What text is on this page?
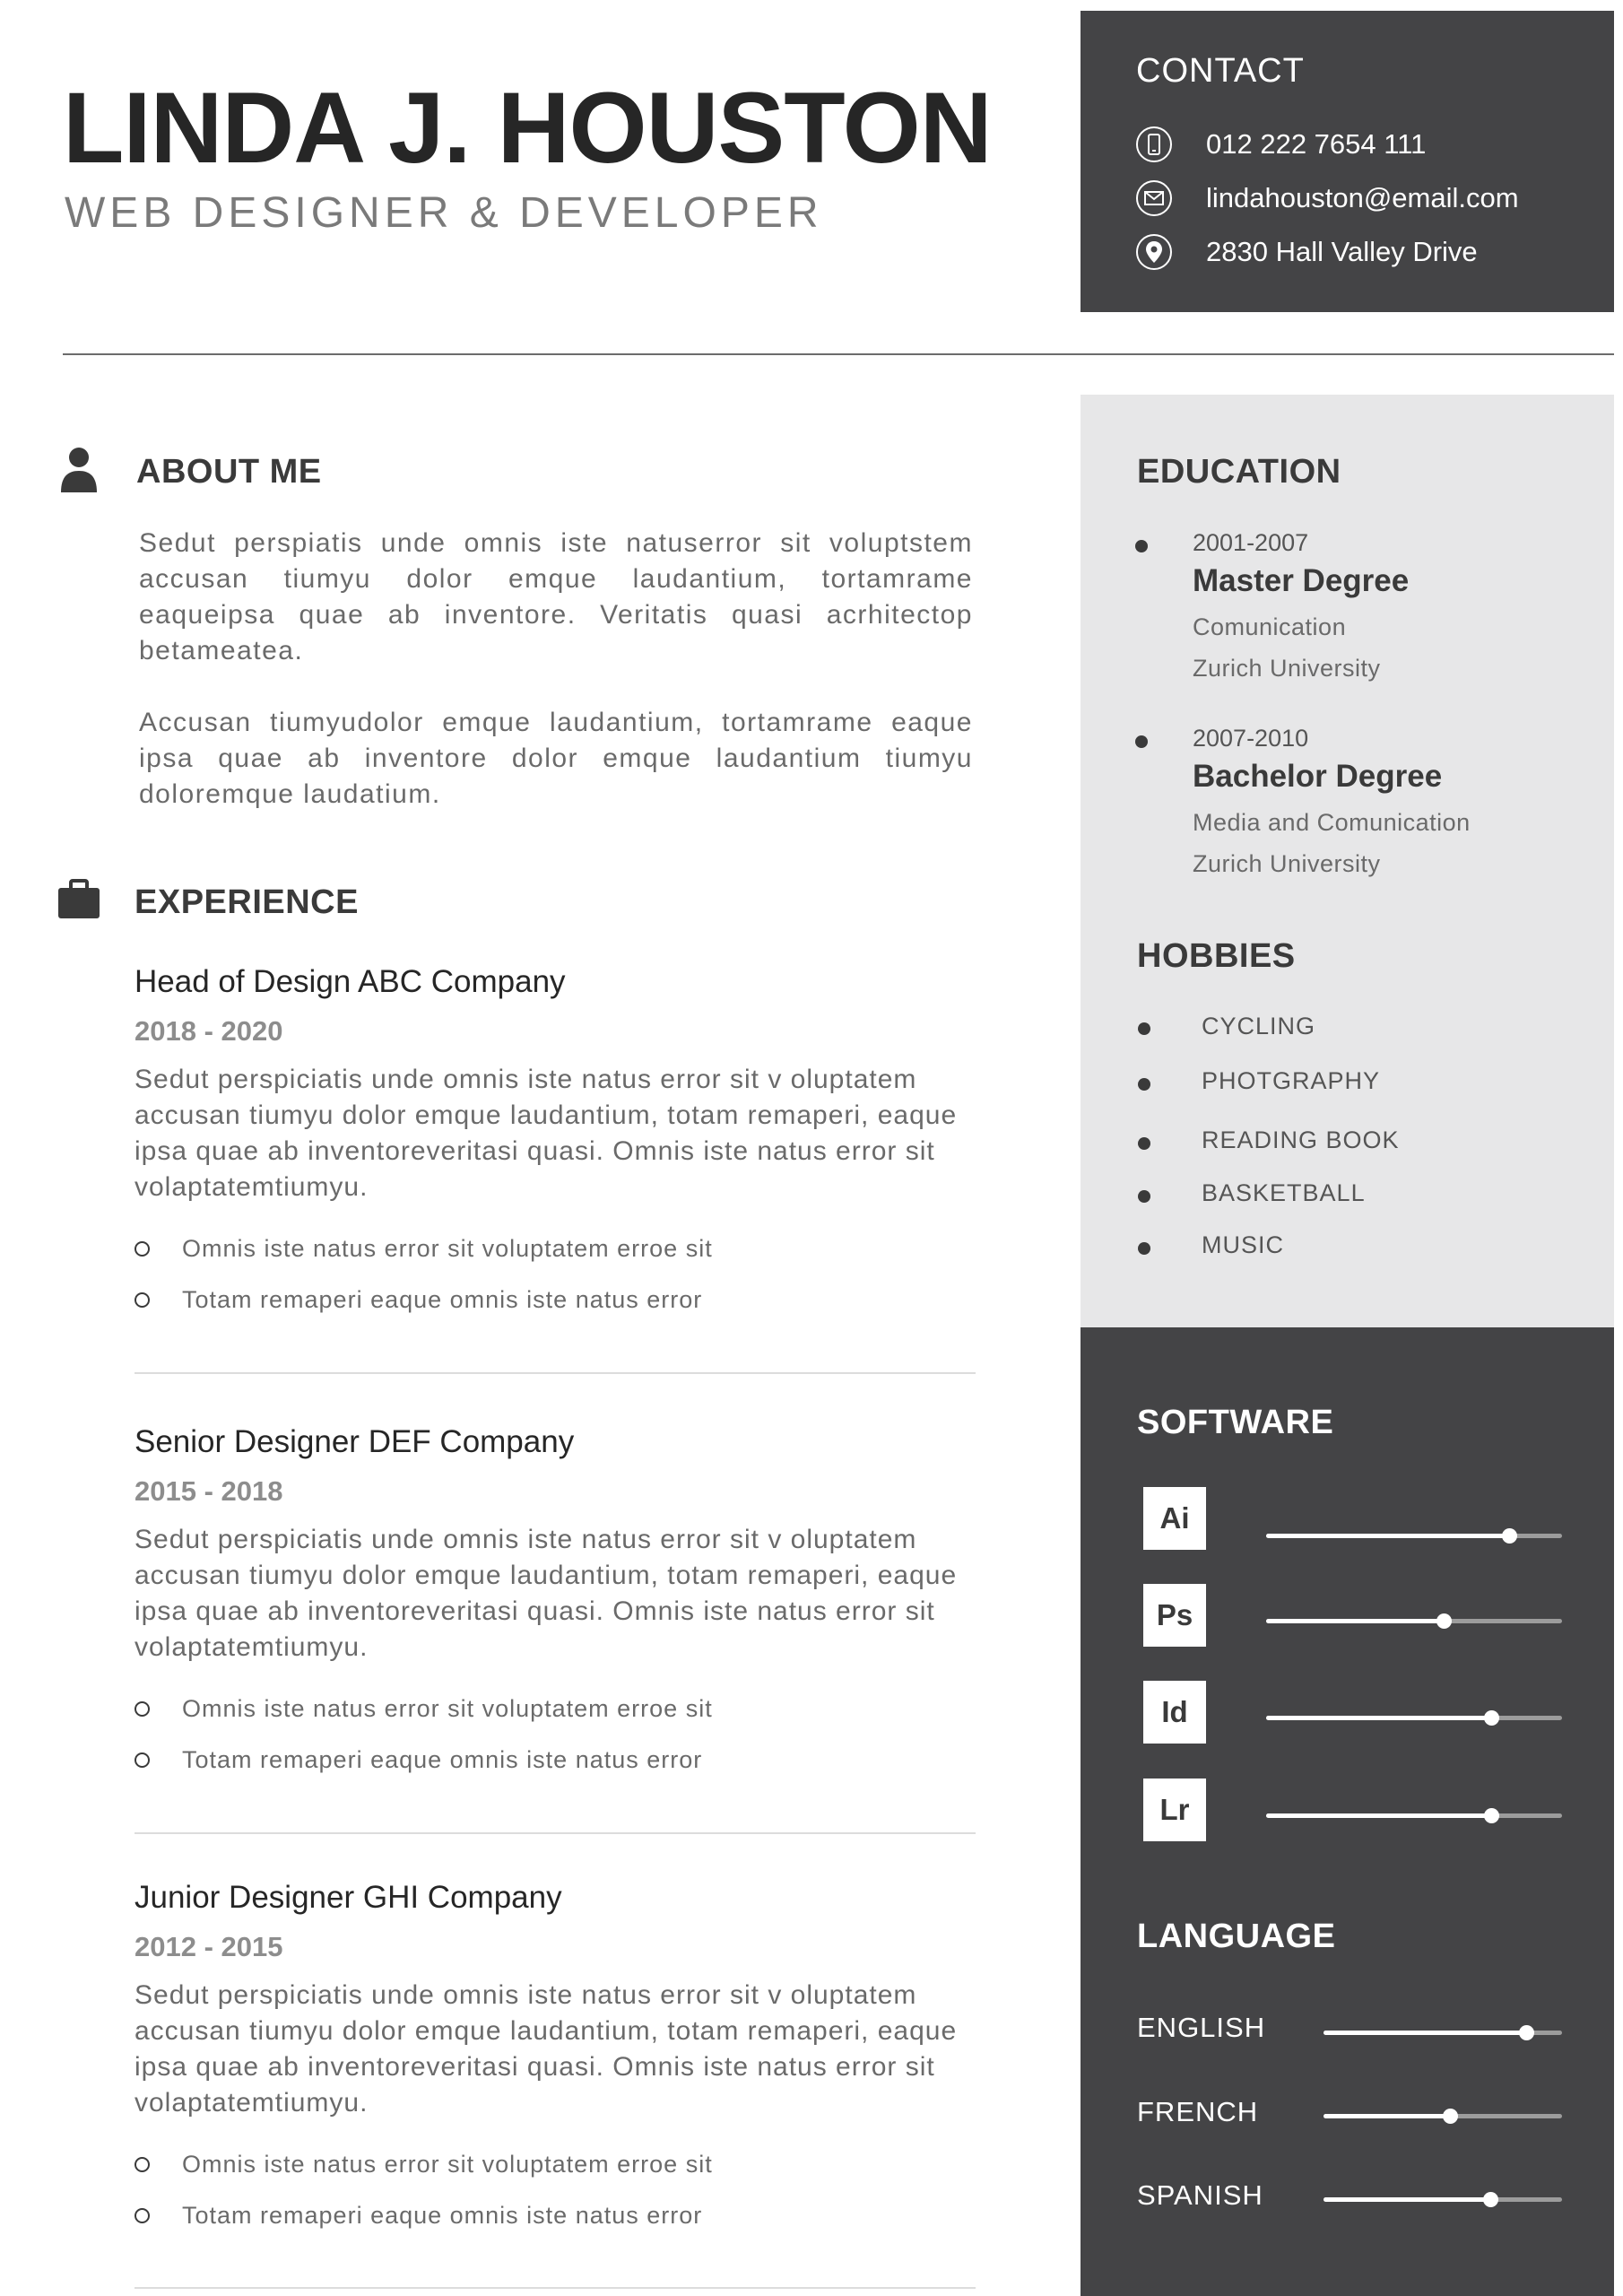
LINDA J. HOUSTON
WEB DESIGNER & DEVELOPER
CONTACT
012 222 7654 111
lindahouston@email.com
2830 Hall Valley Drive
ABOUT ME

Sedut perspiatis unde omnis iste natuserror sit voluptstem accusan tiumyu dolor emque laudantium, tortamrame eaqueipsa quae ab inventore. Veritatis quasi acrhitectop betameatea.

Accusan tiumyudolor emque laudantium, tortamrame eaque ipsa quae ab inventore dolor emque laudantium tiumyu doloremque laudatium.

EXPERIENCE
Head of Design ABC Company
2018 - 2020
Sedut perspiciatis unde omnis iste natus error sit v oluptatem accusan tiumyu dolor emque laudantium, totam remaperi, eaque ipsa quae ab inventoreveritasi quasi. Omnis iste natus error sit volaptatemtiumyu.
Omnis iste natus error sit voluptatem erroe sit
Totam remaperi eaque omnis iste natus error
Senior Designer DEF Company
2015 - 2018
Sedut perspiciatis unde omnis iste natus error sit v oluptatem accusan tiumyu dolor emque laudantium, totam remaperi, eaque ipsa quae ab inventoreveritasi quasi. Omnis iste natus error sit volaptatemtiumyu.
Omnis iste natus error sit voluptatem erroe sit
Totam remaperi eaque omnis iste natus error
Junior Designer GHI Company
2012 - 2015
Sedut perspiciatis unde omnis iste natus error sit v oluptatem accusan tiumyu dolor emque laudantium, totam remaperi, eaque ipsa quae ab inventoreveritasi quasi. Omnis iste natus error sit volaptatemtiumyu.
Omnis iste natus error sit voluptatem erroe sit
Totam remaperi eaque omnis iste natus error
EDUCATION
2001-2007
Master Degree
Comunication
Zurich University
2007-2010
Bachelor Degree
Media and Comunication
Zurich University
HOBBIES
CYCLING
PHOTGRAPHY
READING BOOK
BASKETBALL
MUSIC
SOFTWARE
Ai
Ps
Id
Lr
LANGUAGE
ENGLISH
FRENCH
SPANISH
